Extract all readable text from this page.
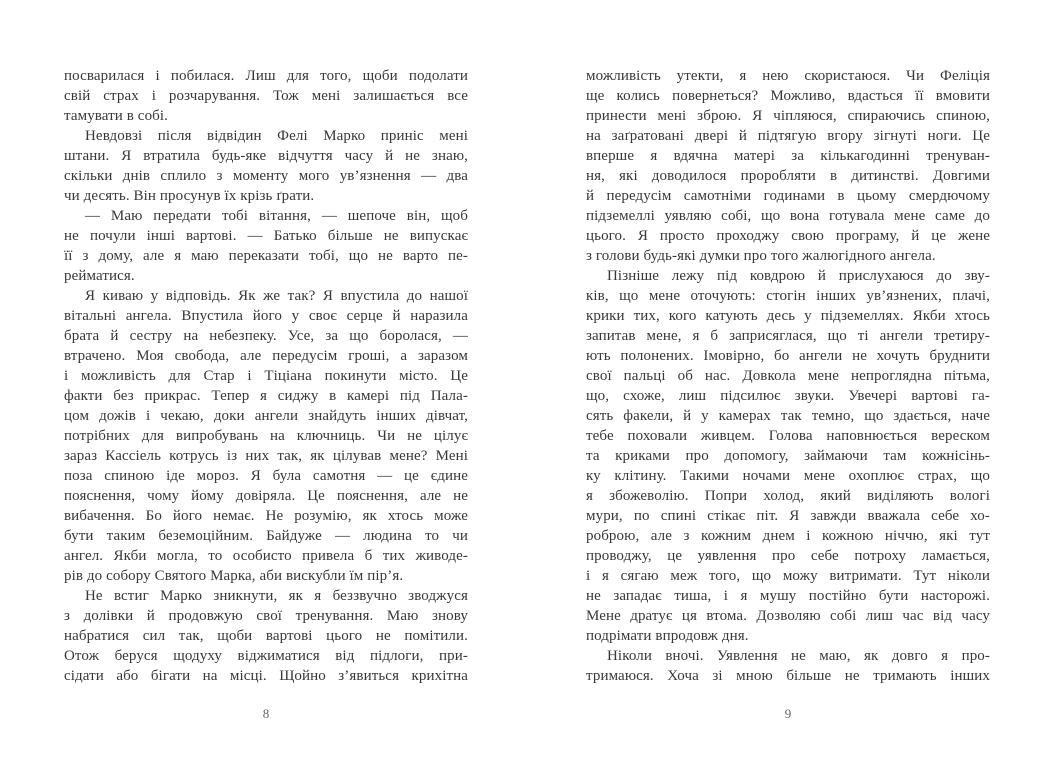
посварилася і побилася. Лиш для того, щоби подолати
свій страх і розчарування. Тож мені залишається все
тамувати в собі.
Невдовзі після відвідин Фелі Марко приніс мені
штани. Я втратила будь-яке відчуття часу й не знаю,
скільки днів сплило з моменту мого ув’язнення — два
чи десять. Він просунув їх крізь ґрати.
— Маю передати тобі вітання, — шепоче він, щоб
не почули інші вартові. — Батько більше не випускає
її з дому, але я маю переказати тобі, що не варто пе-
рейматися.
Я киваю у відповідь. Як же так? Я впустила до нашої
вітальні ангела. Впустила його у своє серце й наразила
брата й сестру на небезпеку. Усе, за що боролася, —
втрачено. Моя свобода, але передусім гроші, а заразом
і можливість для Стар і Тіціана покинути місто. Це
факти без прикрас. Тепер я сиджу в камері під Пала-
цом дожів і чекаю, доки ангели знайдуть інших дівчат,
потрібних для випробувань на ключниць. Чи не цілує
зараз Кассіель котрусь із них так, як цілував мене? Мені
поза спиною іде мороз. Я була самотня — це єдине
пояснення, чому йому довіряла. Це пояснення, але не
вибачення. Бо його немає. Не розумію, як хтось може
бути таким беземоційним. Байдуже — людина то чи
ангел. Якби могла, то особисто привела б тих живоде-
рів до собору Святого Марка, аби вискубли їм пір’я.
Не встиг Марко зникнути, як я беззвучно зводжуся
з долівки й продовжую свої тренування. Маю знову
набратися сил так, щоби вартові цього не помітили.
Отож беруся щодуху віджиматися від підлоги, при-
сідати або бігати на місці. Щойно з’явиться крихітна
8
можливість утекти, я нею скористаюся. Чи Феліція
ще колись повернеться? Можливо, вдасться її вмовити
принести мені зброю. Я чіпляюся, спираючись спиною,
на заґратовані двері й підтягую вгору зігнуті ноги. Це
вперше я вдячна матері за кількагодинні тренуван-
ня, які доводилося проробляти в дитинстві. Довгими
й передусім самотніми годинами в цьому смердючому
підземеллі уявляю собі, що вона готувала мене саме до
цього. Я просто проходжу свою програму, й це жене
з голови будь-які думки про того жалюгідного ангела.
Пізніше лежу під ковдрою й прислухаюся до зву-
ків, що мене оточують: стогін інших ув’язнених, плачі,
крики тих, кого катують десь у підземеллях. Якби хтось
запитав мене, я б заприсяглася, що ті ангели третиру-
ють полонених. Імовірно, бо ангели не хочуть бруднити
свої пальці об нас. Довкола мене непроглядна пітьма,
що, схоже, лиш підсилює звуки. Увечері вартові га-
сять факели, й у камерах так темно, що здається, наче
тебе поховали живцем. Голова наповнюється вереском
та криками про допомогу, займаючи там кожнісінь-
ку клітину. Такими ночами мене охоплює страх, що
я збожеволію. Попри холод, який виділяють вологі
мури, по спині стікає піт. Я завжди вважала себе хо-
роброю, але з кожним днем і кожною ніччю, які тут
проводжу, це уявлення про себе потроху ламається,
і я сягаю меж того, що можу витримати. Тут ніколи
не западає тиша, і я мушу постійно бути насторожі.
Мене дратує ця втома. Дозволяю собі лиш час від часу
подрімати впродовж дня.
Ніколи вночі. Уявлення не маю, як довго я про-
тримаюся. Хоча зі мною більше не тримають інших
9
